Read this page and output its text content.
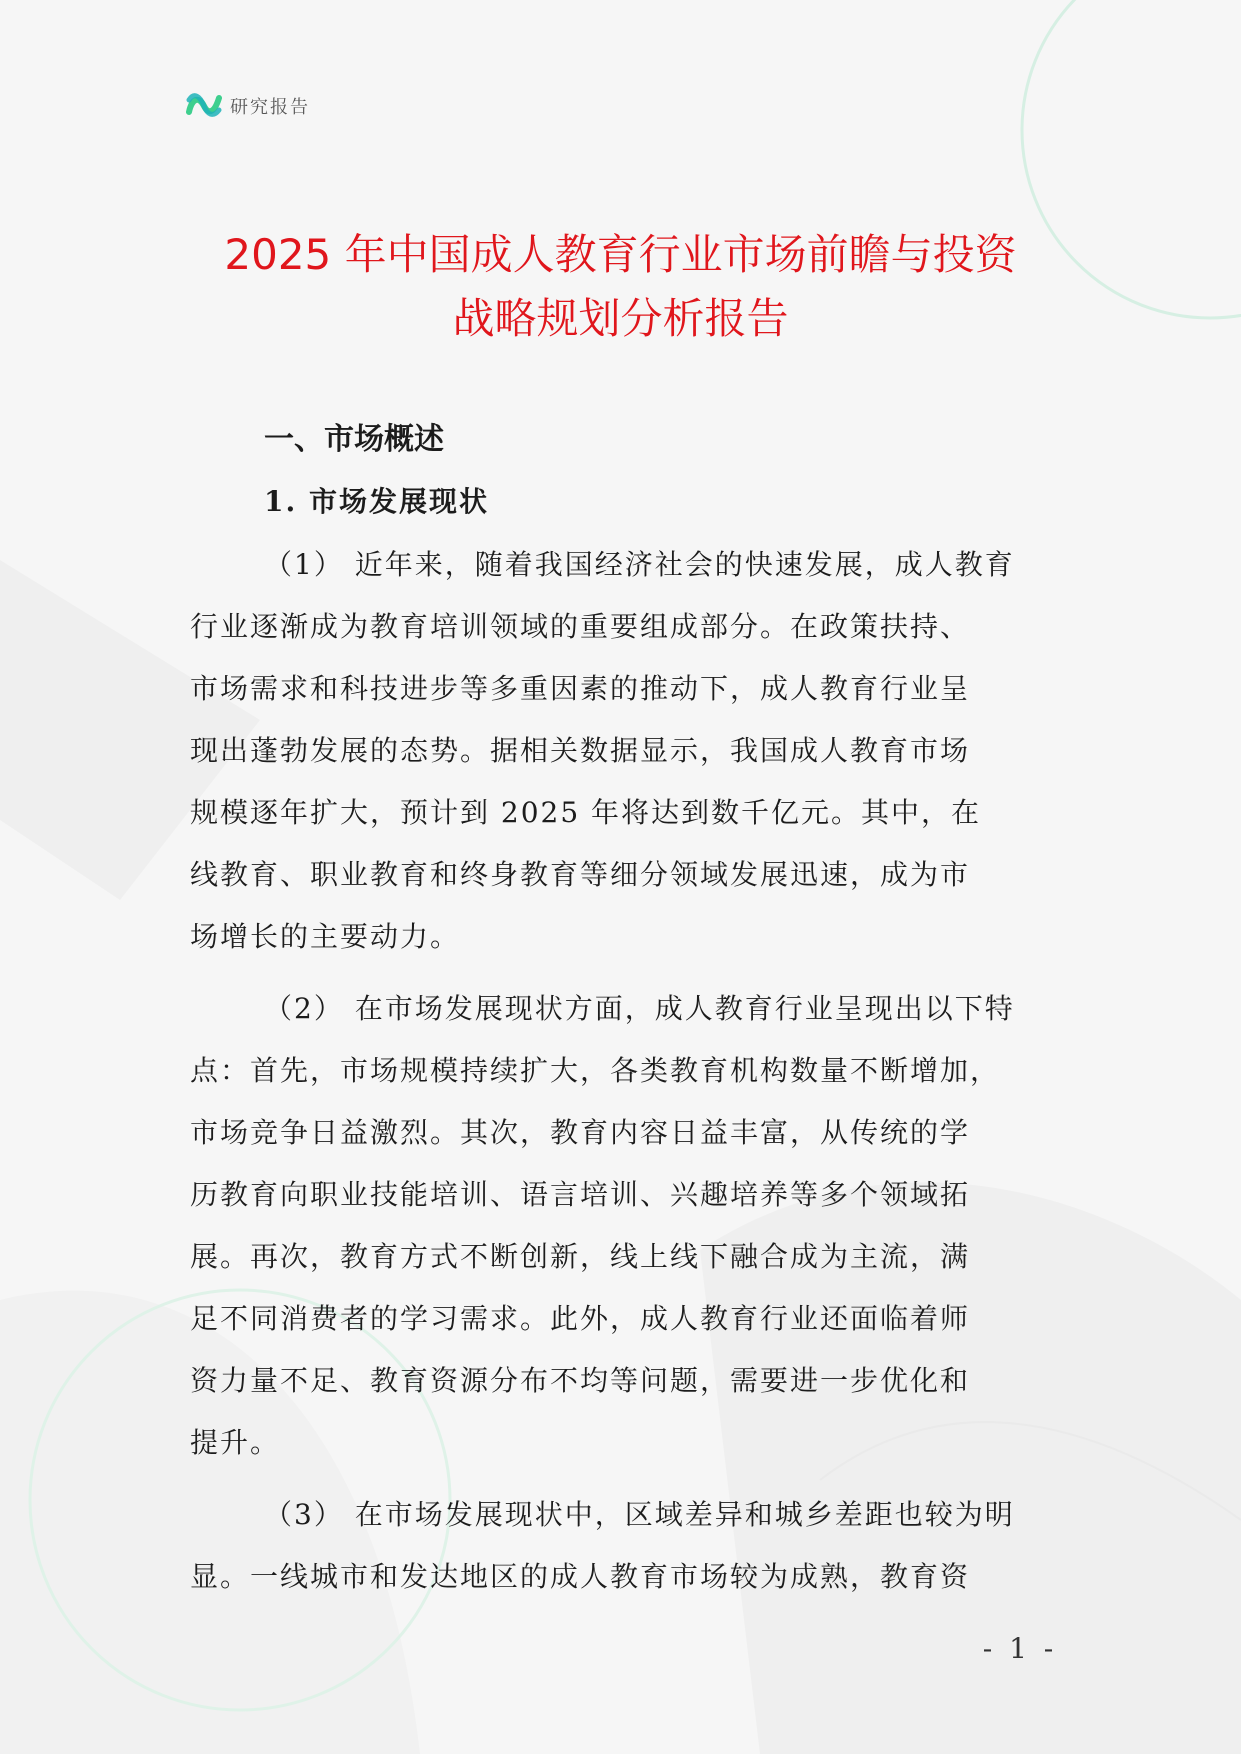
研究报告
2025 年中国成人教育行业市场前瞻与投资
战略规划分析报告
一、市场概述
1. 市场发展现状

（1） 近年来，随着我国经济社会的快速发展，成人教育
行业逐渐成为教育培训领域的重要组成部分。在政策扶持、
市场需求和科技进步等多重因素的推动下，成人教育行业呈
现出蓬勃发展的态势。据相关数据显示，我国成人教育市场
规模逐年扩大，预计到 2025 年将达到数千亿元。其中，在
线教育、职业教育和终身教育等细分领域发展迅速，成为市
场增长的主要动力。

（2） 在市场发展现状方面，成人教育行业呈现出以下特
点：首先，市场规模持续扩大，各类教育机构数量不断增加，
市场竞争日益激烈。其次，教育内容日益丰富，从传统的学
历教育向职业技能培训、语言培训、兴趣培养等多个领域拓
展。再次，教育方式不断创新，线上线下融合成为主流，满
足不同消费者的学习需求。此外，成人教育行业还面临着师
资力量不足、教育资源分布不均等问题，需要进一步优化和
提升。

（3） 在市场发展现状中，区域差异和城乡差距也较为明
显。一线城市和发达地区的成人教育市场较为成熟，教育资

- 1 -
